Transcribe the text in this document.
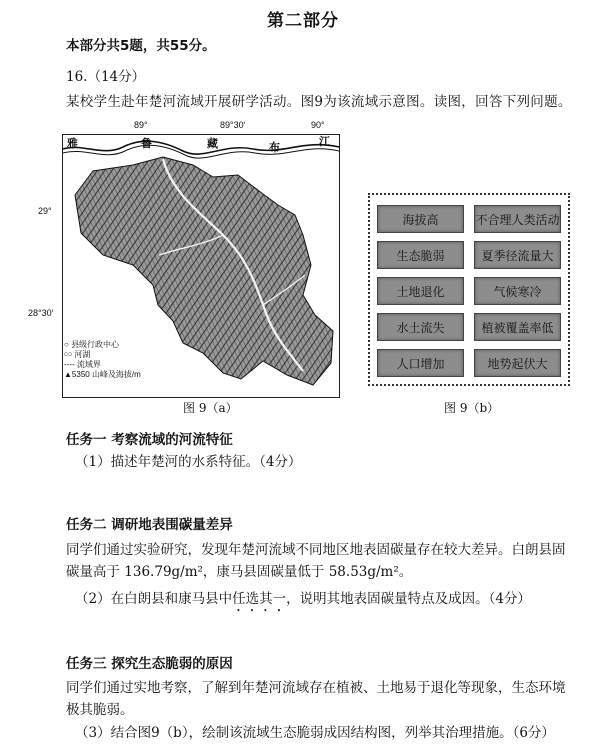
第二部分
本部分共5题，共55分。
16.（14分）
某校学生赴年楚河流域开展研学活动。图9为该流域示意图。读图，回答下列问题。
89°	89°30′	90°
29°
28°30′
雅	鲁	藏	布	江
○ 县级行政中心
∽ 河湖
---- 流域界
▲5350 山峰及海拔/m
图 9（a）
海拔高	不合理人类活动
生态脆弱	夏季径流量大
土地退化	气候寒冷
水土流失	植被覆盖率低
人口增加	地势起伏大
图 9（b）
任务一 考察流域的河流特征
（1）描述年楚河的水系特征。（4分）
任务二 调研地表围碳量差异
同学们通过实验研究，发现年楚河流域不同地区地表固碳量存在较大差异。白朗县固
碳量高于 136.79g/m²，康马县固碳量低于 58.53g/m²。
（2）在白朗县和康马县中任选其一，说明其地表固碳量特点及成因。（4分）
任务三 探究生态脆弱的原因
同学们通过实地考察，了解到年楚河流域存在植被、土地易于退化等现象，生态环境
极其脆弱。
（3）结合图9（b），绘制该流域生态脆弱成因结构图，列举其治理措施。（6分）
